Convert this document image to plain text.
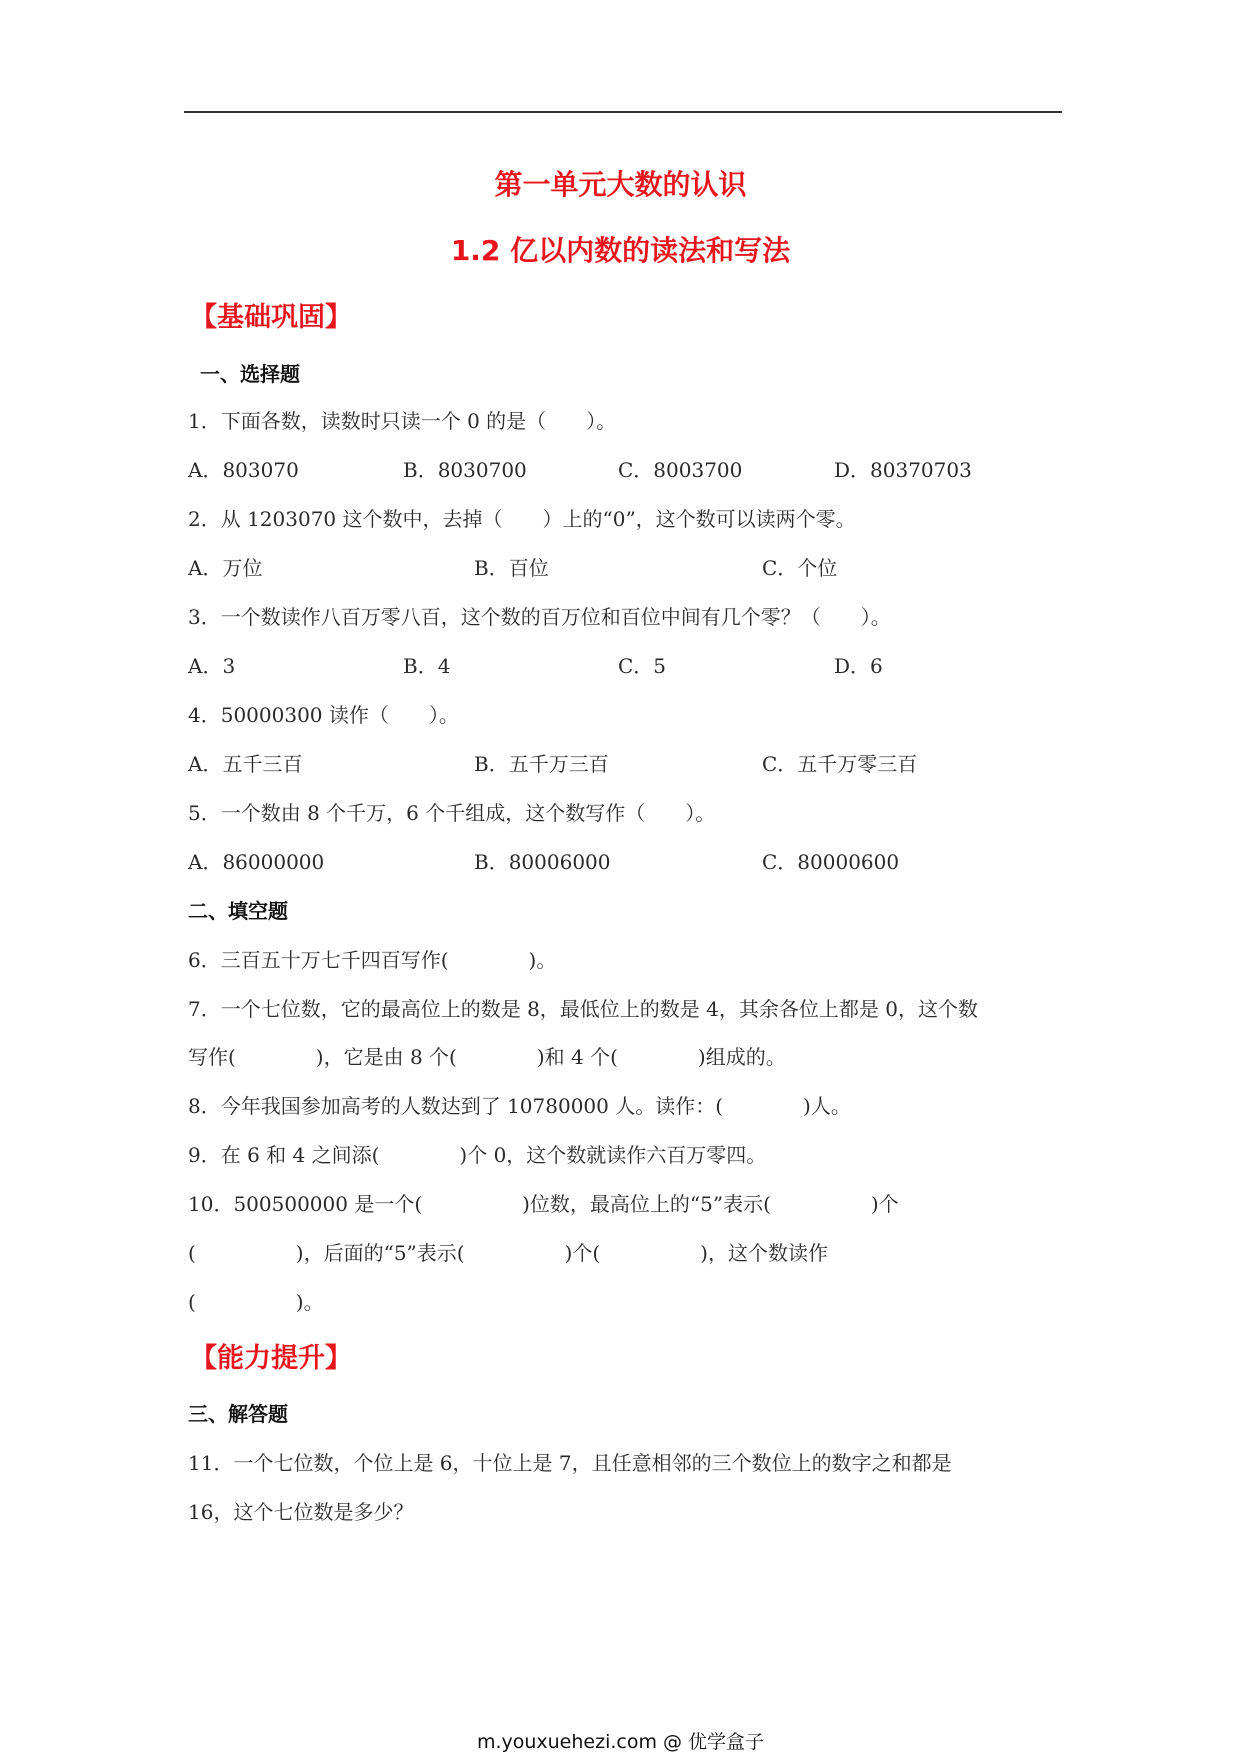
第一单元大数的认识
1.2 亿以内数的读法和写法
【基础巩固】
一、选择题
1．下面各数，读数时只读一个 0 的是（　　）。
A．803070	B．8030700	C．8003700	D．80370703
2．从 1203070 这个数中，去掉（　　）上的“0”，这个数可以读两个零。
A．万位	B．百位	C．个位
3．一个数读作八百万零八百，这个数的百万位和百位中间有几个零？（　　）。
A．3	B．4	C．5	D．6
4．50000300 读作（　　）。
A．五千三百	B．五千万三百	C．五千万零三百
5．一个数由 8 个千万，6 个千组成，这个数写作（　　）。
A．86000000	B．80006000	C．80000600
二、填空题
6．三百五十万七千四百写作(　　　　)。
7．一个七位数，它的最高位上的数是 8，最低位上的数是 4，其余各位上都是 0，这个数
写作(　　　　)，它是由 8 个(　　　　)和 4 个(　　　　)组成的。
8．今年我国参加高考的人数达到了 10780000 人。读作：(　　　　)人。
9．在 6 和 4 之间添(　　　　)个 0，这个数就读作六百万零四。
10．500500000 是一个(　　　　　)位数，最高位上的“5”表示(　　　　　)个
(　　　　　)，后面的“5”表示(　　　　　)个(　　　　　)，这个数读作
(　　　　　)。
【能力提升】
三、解答题
11．一个七位数，个位上是 6，十位上是 7，且任意相邻的三个数位上的数字之和都是
16，这个七位数是多少？
m.youxuehezi.com @ 优学盒子
